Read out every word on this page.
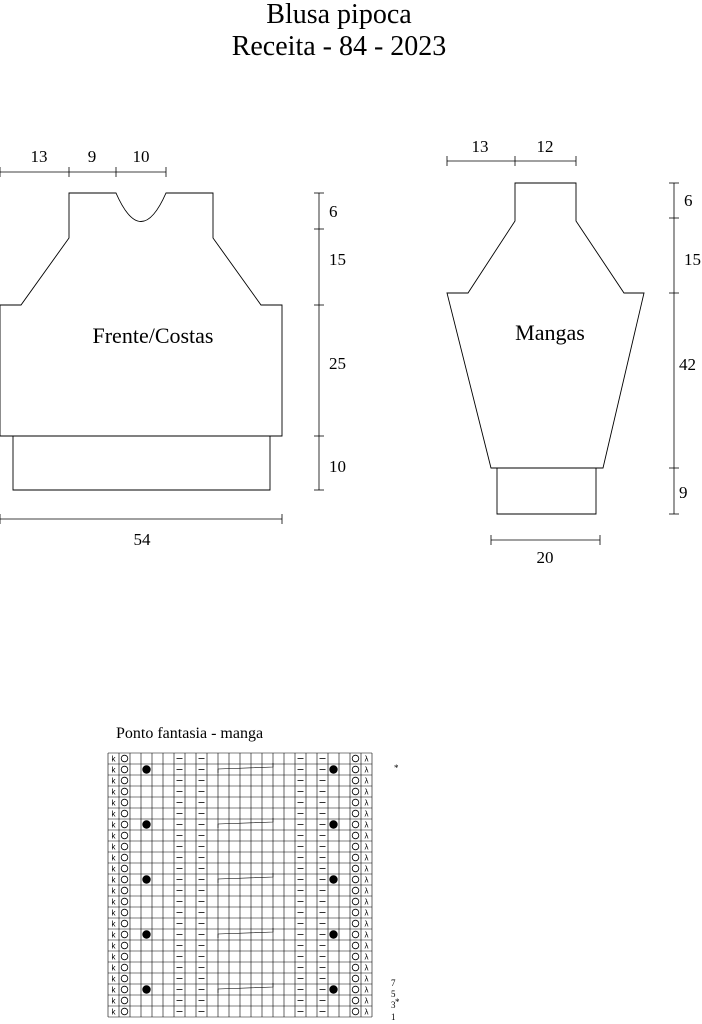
Blusa pipoca
Receita - 84 - 2023
Frente/Costas
13 9 10
6
15
25
10
54
Mangas
13	12
6
15
42
9
20
Ponto fantasia - manga
k	λ
k	λ
k	λ
k	λ
k	λ
k	λ
k	λ
k	λ
k	λ
k	λ
k	λ
k	λ
k	λ
k	λ
k	λ
k	λ
k	λ
k	λ
k	λ
k	λ
k	λ
k	λ
k	λ
k	λ
*
*
7
5
3
1
